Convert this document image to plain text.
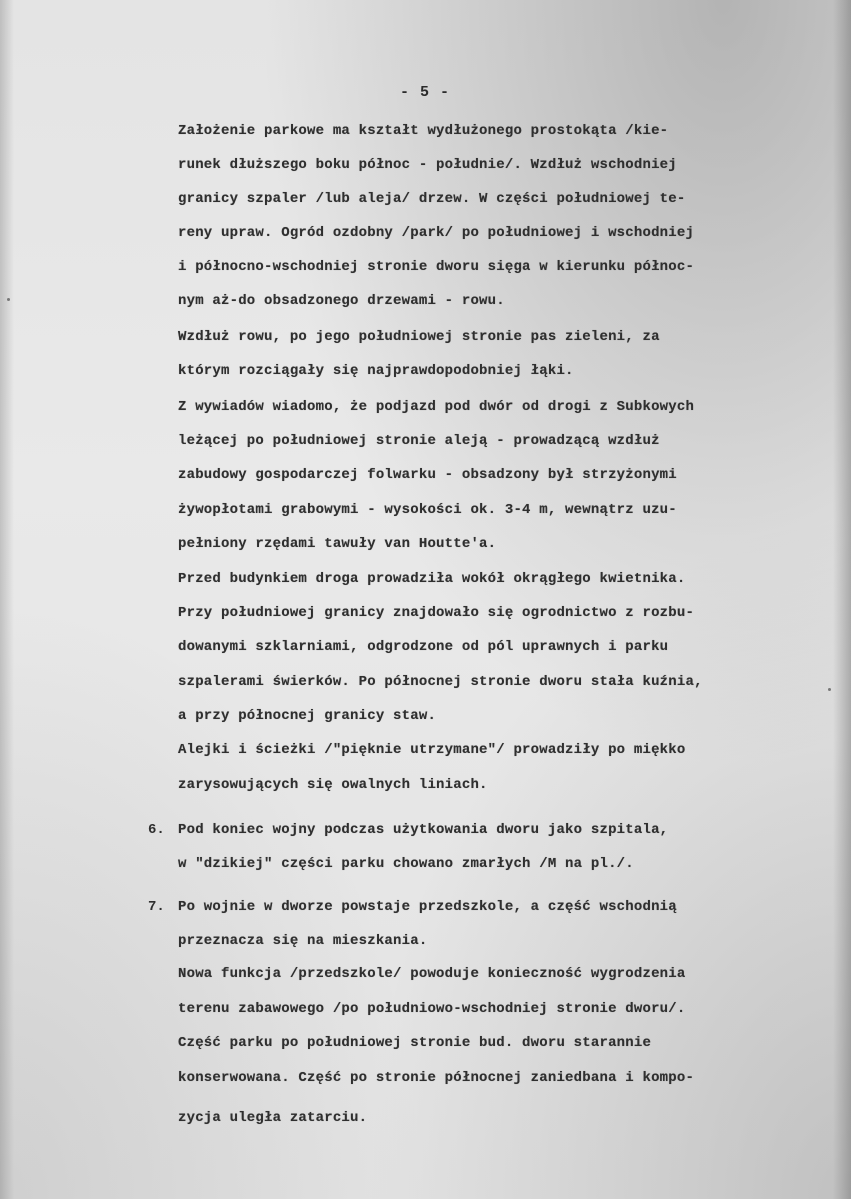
- 5 -
Założenie parkowe ma kształt wydłużonego prostokąta /kie-
runek dłuższego boku północ - południe/. Wzdłuż wschodniej
granicy szpaler /lub aleja/ drzew. W części południowej te-
reny upraw. Ogród ozdobny /park/ po południowej i wschodniej
i północno-wschodniej stronie dworu sięga w kierunku północ-
nym aż-do obsadzonego drzewami - rowu.
Wzdłuż rowu, po jego południowej stronie pas zieleni, za
którym rozciągały się najprawdopodobniej łąki.
Z wywiadów wiadomo, że podjazd pod dwór od drogi z Subkowych
leżącej po południowej stronie aleją - prowadzącą wzdłuż
zabudowy gospodarczej folwarku - obsadzony był strzyżonymi
żywopłotami grabowymi - wysokości ok. 3-4 m, wewnątrz uzu-
pełniony rzędami tawuły van Houtte'a.
Przed budynkiem droga prowadziła wokół okrągłego kwietnika.
Przy południowej granicy znajdowało się ogrodnictwo z rozbu-
dowanymi szklarniami, odgrodzone od pól uprawnych i parku
szpalerami świerków. Po północnej stronie dworu stała kuźnia,
a przy północnej granicy staw.
Alejki i ścieżki /"pięknie utrzymane"/ prowadziły po miękko
zarysowujących się owalnych liniach.
6. Pod koniec wojny podczas użytkowania dworu jako szpitala,
w "dzikiej" części parku chowano zmarłych /M na pl./.
7. Po wojnie w dworze powstaje przedszkole, a część wschodnią
przeznacza się na mieszkania.
Nowa funkcja /przedszkole/ powoduje konieczność wygrodzenia
terenu zabawowego /po południowo-wschodniej stronie dworu/.
Część parku po południowej stronie bud. dworu starannie
konserwowana. Część po stronie północnej zaniedbana i kompo-
zycja uległa zatarciu.
